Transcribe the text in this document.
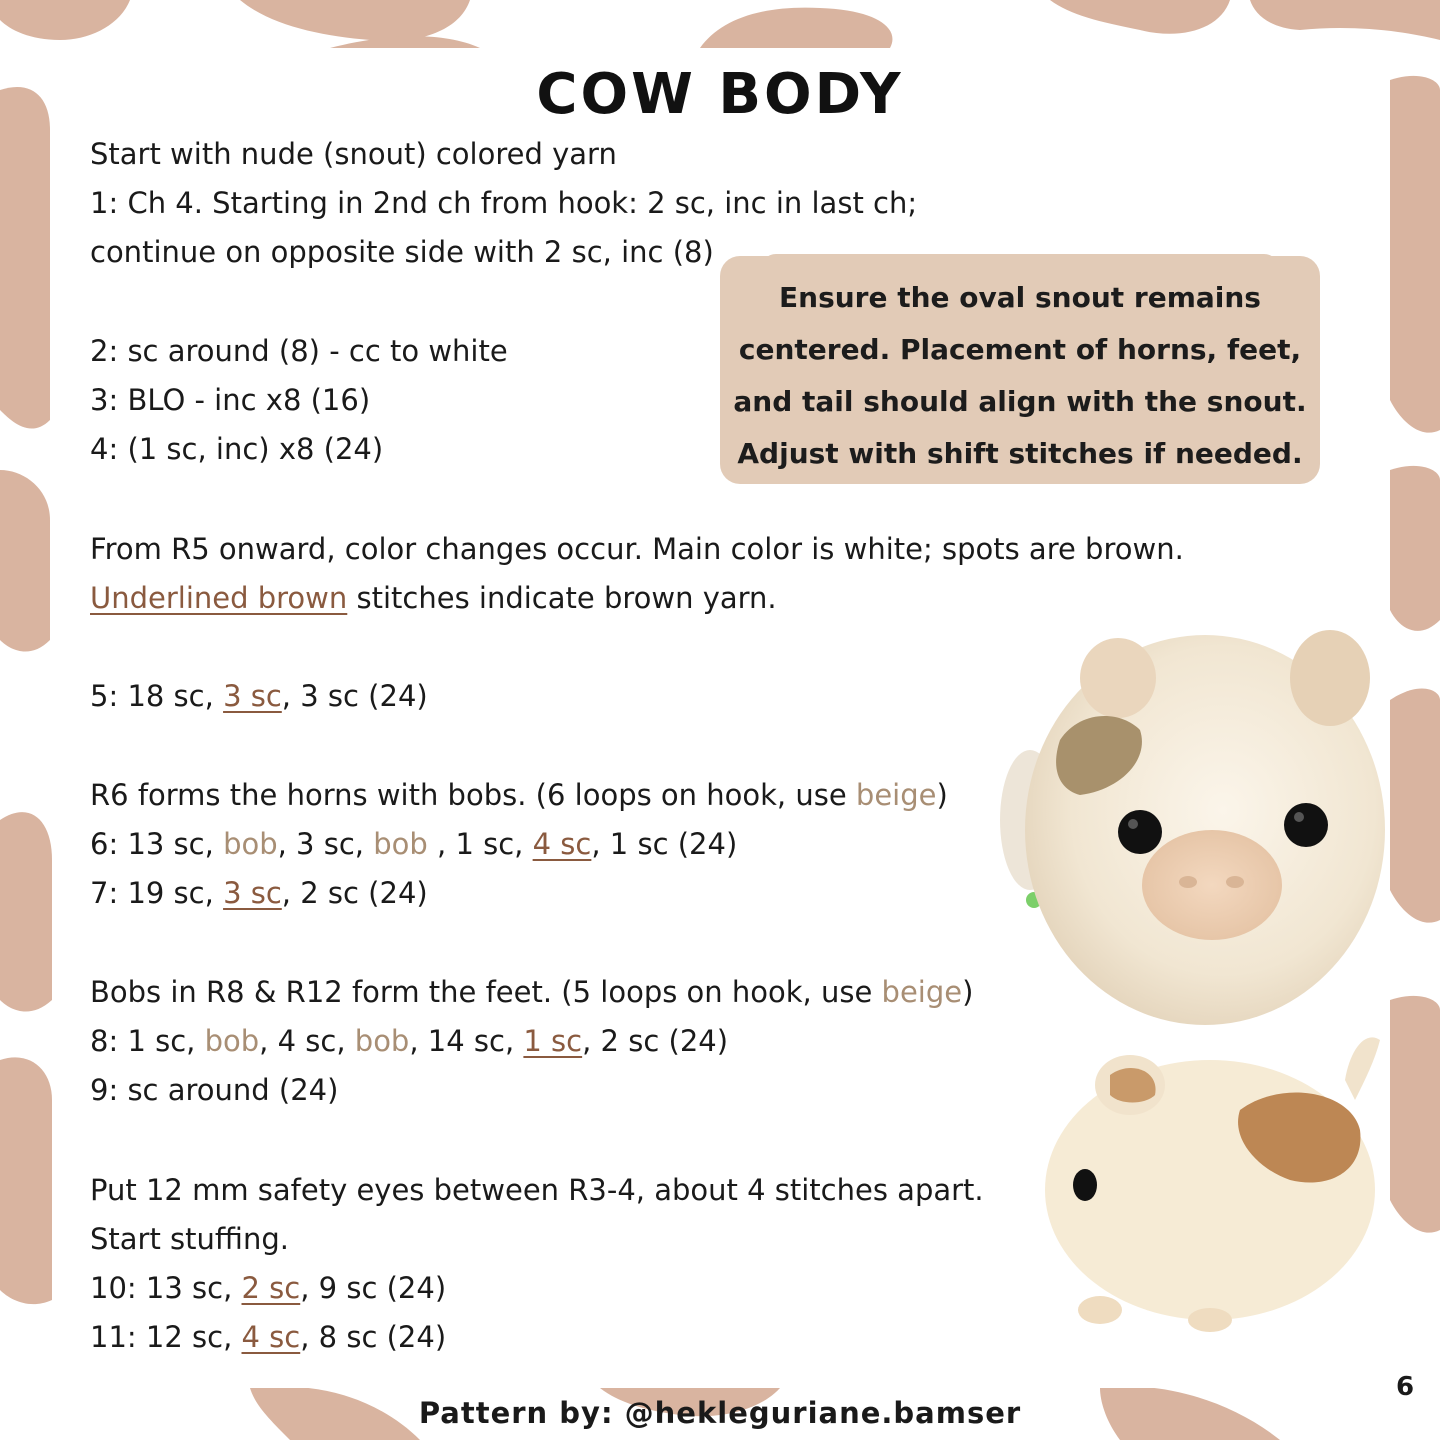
COW BODY
Start with nude (snout) colored yarn
1: Ch 4. Starting in 2nd ch from hook: 2 sc, inc in last ch;
continue on opposite side with 2 sc, inc (8)
2: sc around (8) - cc to white
3: BLO - inc x8 (16)
4: (1 sc, inc) x8 (24)
Ensure the oval snout remains
centered. Placement of horns, feet,
and tail should align with the snout.
Adjust with shift stitches if needed.
From R5 onward, color changes occur. Main color is white; spots are brown.
Underlined brown stitches indicate brown yarn.
5: 18 sc, 3 sc, 3 sc (24)
R6 forms the horns with bobs. (6 loops on hook, use beige)
6: 13 sc, bob, 3 sc, bob , 1 sc, 4 sc, 1 sc (24)
7: 19 sc, 3 sc, 2 sc (24)
Bobs in R8 & R12 form the feet. (5 loops on hook, use beige)
8: 1 sc, bob, 4 sc, bob, 14 sc, 1 sc, 2 sc (24)
9: sc around (24)
Put 12 mm safety eyes between R3-4, about 4 stitches apart.
Start stuffing.
10: 13 sc, 2 sc, 9 sc (24)
11: 12 sc, 4 sc, 8 sc (24)
Pattern by: @hekleguriane.bamser
6
